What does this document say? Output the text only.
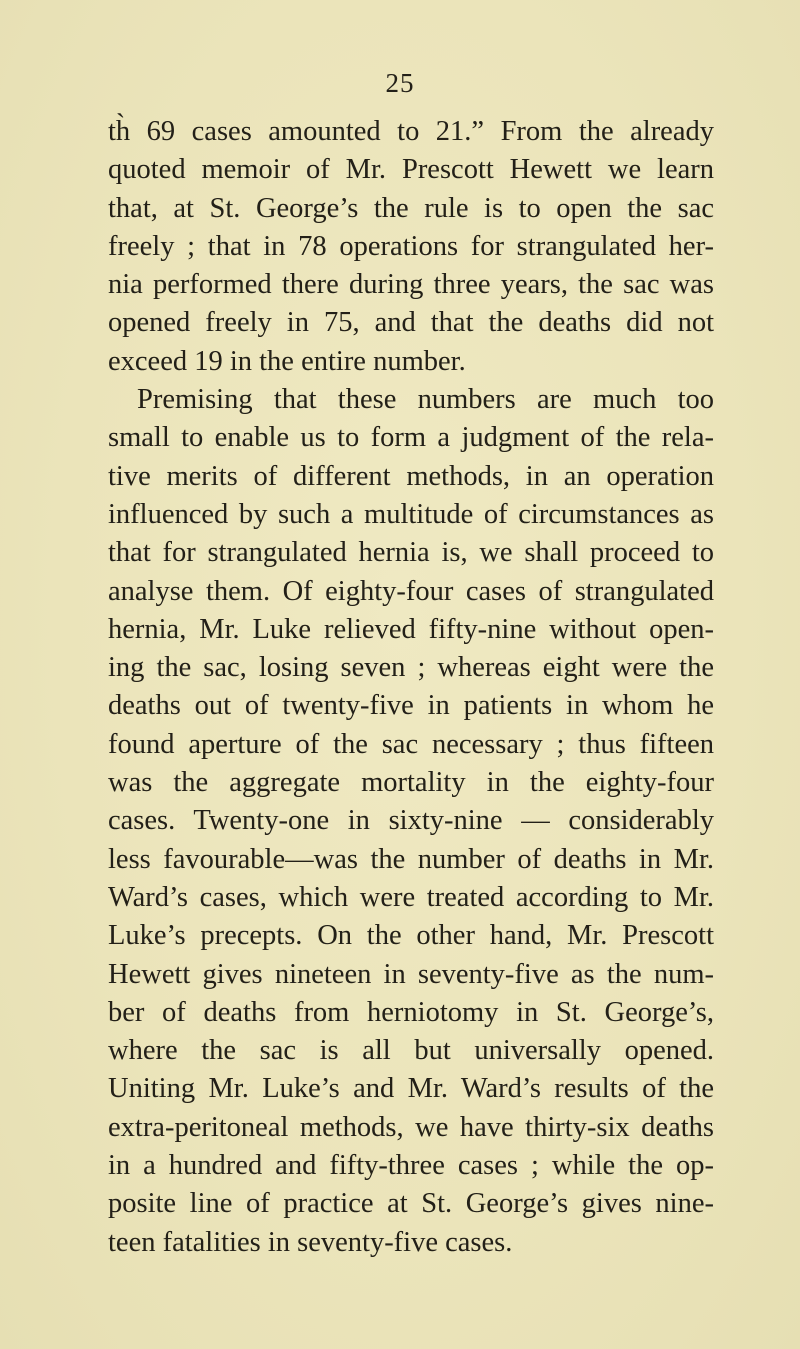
25
th̀ 69 cases amounted to 21.” From the already
quoted memoir of Mr. Prescott Hewett we learn
that, at St. George’s the rule is to open the sac
freely ; that in 78 operations for strangulated her-
nia performed there during three years, the sac was
opened freely in 75, and that the deaths did not
exceed 19 in the entire number.
Premising that these numbers are much too
small to enable us to form a judgment of the rela-
tive merits of different methods, in an operation
influenced by such a multitude of circumstances as
that for strangulated hernia is, we shall proceed to
analyse them. Of eighty-four cases of strangulated
hernia, Mr. Luke relieved fifty-nine without open-
ing the sac, losing seven ; whereas eight were the
deaths out of twenty-five in patients in whom he
found aperture of the sac necessary ; thus fifteen
was the aggregate mortality in the eighty-four
cases. Twenty-one in sixty-nine — considerably
less favourable—was the number of deaths in Mr.
Ward’s cases, which were treated according to Mr.
Luke’s precepts. On the other hand, Mr. Prescott
Hewett gives nineteen in seventy-five as the num-
ber of deaths from herniotomy in St. George’s,
where the sac is all but universally opened.
Uniting Mr. Luke’s and Mr. Ward’s results of the
extra-peritoneal methods, we have thirty-six deaths
in a hundred and fifty-three cases ; while the op-
posite line of practice at St. George’s gives nine-
teen fatalities in seventy-five cases.
